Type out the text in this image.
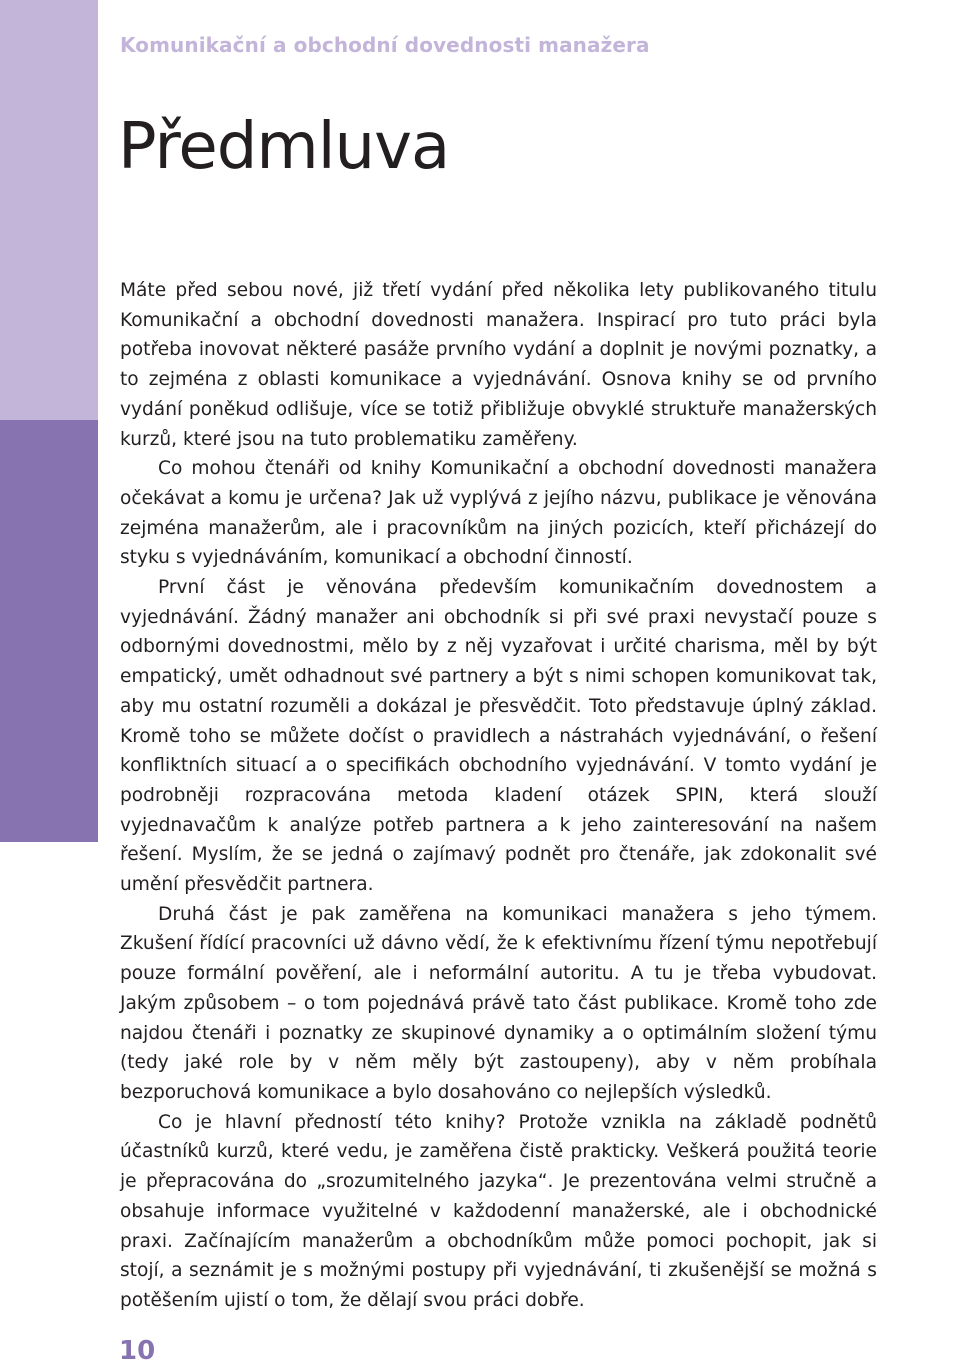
Komunikační a obchodní dovednosti manažera
Předmluva

Máte před sebou nové, již třetí vydání před několika lety publikovaného titulu Komunikační a obchodní dovednosti manažera. Inspirací pro tuto práci byla potřeba inovovat některé pasáže prvního vydání a doplnit je novými poznatky, a to zejména z oblasti komunikace a vyjednávání. Osnova knihy se od prvního vydání poněkud odlišuje, více se totiž přibližuje obvyklé struktuře manažerských kurzů, které jsou na tuto problematiku zaměřeny.

Co mohou čtenáři od knihy Komunikační a obchodní dovednosti manažera očekávat a komu je určena? Jak už vyplývá z jejího názvu, publikace je věnována zejména manažerům, ale i pracovníkům na jiných pozicích, kteří přicházejí do styku s vyjednáváním, komunikací a obchodní činností.

První část je věnována především komunikačním dovednostem a vyjednávání. Žádný manažer ani obchodník si při své praxi nevystačí pouze s odbornými dovednostmi, mělo by z něj vyzařovat i určité charisma, měl by být empatický, umět odhadnout své partnery a být s nimi schopen komunikovat tak, aby mu ostatní rozuměli a dokázal je přesvědčit. Toto představuje úplný základ. Kromě toho se můžete dočíst o pravidlech a nástrahách vyjednávání, o řešení konfliktních situací a o specifikách obchodního vyjednávání. V tomto vydání je podrobněji rozpracována metoda kladení otázek SPIN, která slouží vyjednavačům k analýze potřeb partnera a k jeho zainteresování na našem řešení. Myslím, že se jedná o zajímavý podnět pro čtenáře, jak zdokonalit své umění přesvědčit partnera.

Druhá část je pak zaměřena na komunikaci manažera s jeho týmem. Zkušení řídící pracovníci už dávno vědí, že k efektivnímu řízení týmu nepotřebují pouze formální pověření, ale i neformální autoritu. A tu je třeba vybudovat. Jakým způsobem – o tom pojednává právě tato část publikace. Kromě toho zde najdou čtenáři i poznatky ze skupinové dynamiky a o optimálním složení týmu (tedy jaké role by v něm měly být zastoupeny), aby v něm probíhala bezporuchová komunikace a bylo dosahováno co nejlepších výsledků.

Co je hlavní předností této knihy? Protože vznikla na základě podnětů účastníků kurzů, které vedu, je zaměřena čistě prakticky. Veškerá použitá teorie je přepracována do „srozumitelného jazyka“. Je prezentována velmi stručně a obsahuje informace využitelné v každodenní manažerské, ale i obchodnické praxi. Začínajícím manažerům a obchodníkům může pomoci pochopit, jak si stojí, a seznámit je s možnými postupy při vyjednávání, ti zkušenější se možná s potěšením ujistí o tom, že dělají svou práci dobře.

10
